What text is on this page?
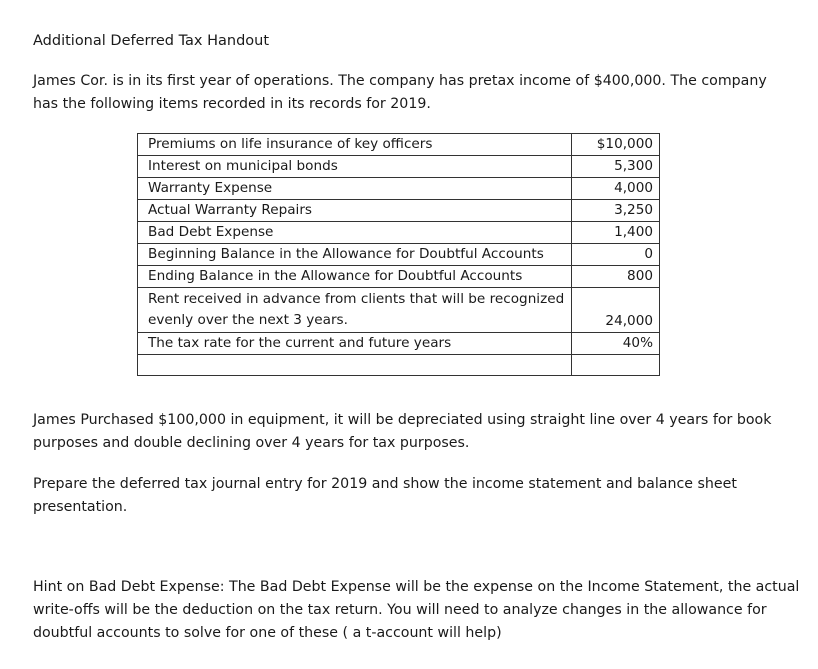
Additional Deferred Tax Handout
James Cor. is in its first year of operations. The company has pretax income of $400,000. The company has the following items recorded in its records for 2019.
Premiums on life insurance of key officers	$10,000
Interest on municipal bonds	5,300
Warranty Expense	4,000
Actual Warranty Repairs	3,250
Bad Debt Expense	1,400
Beginning Balance in the Allowance for Doubtful Accounts	0
Ending Balance in the Allowance for Doubtful Accounts	800
Rent received in advance from clients that will be recognized evenly over the next 3 years.	24,000
The tax rate for the current and future years	40%

James Purchased $100,000 in equipment, it will be depreciated using straight line over 4 years for book purposes and double declining over 4 years for tax purposes.
Prepare the deferred tax journal entry for 2019 and show the income statement and balance sheet presentation.
Hint on Bad Debt Expense: The Bad Debt Expense will be the expense on the Income Statement, the actual write-offs will be the deduction on the tax return. You will need to analyze changes in the allowance for doubtful accounts to solve for one of these ( a t-account will help)
